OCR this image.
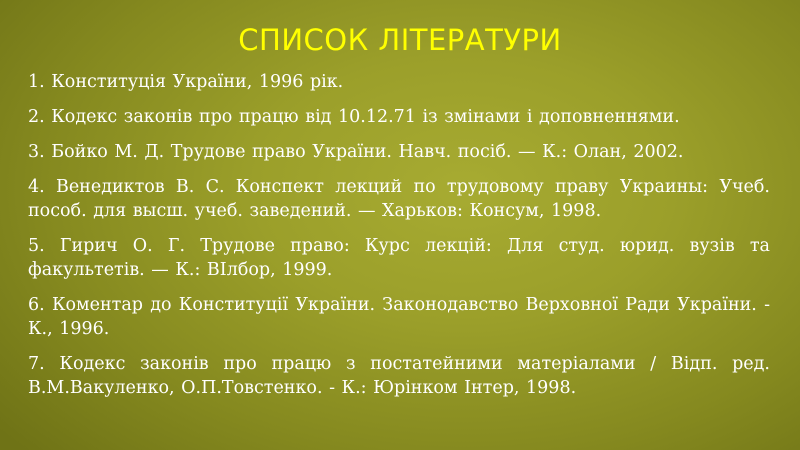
СПИСОК ЛІТЕРАТУРИ
1. Конституція України, 1996 рік.
2. Кодекс законів про працю від 10.12.71 із змінами і доповненнями.
3. Бойко М. Д. Трудове право України. Навч. посіб. — К.: Олан, 2002.
4. Венедиктов В. С. Конспект лекций по трудовому праву Украины: Учеб. пособ. для высш. учеб. заведений. — Харьков: Консум, 1998.
5. Гирич О. Г. Трудове право: Курс лекцій: Для студ. юрид. вузів та факультетів. — К.: ВІлбор, 1999.
6. Коментар до Конституції України. Законодавство Верховної Ради України. - К., 1996.
7. Кодекс законів про працю з постатейними матеріалами / Відп. ред. В.М.Вакуленко, О.П.Товстенко. - К.: Юрінком Інтер, 1998.
